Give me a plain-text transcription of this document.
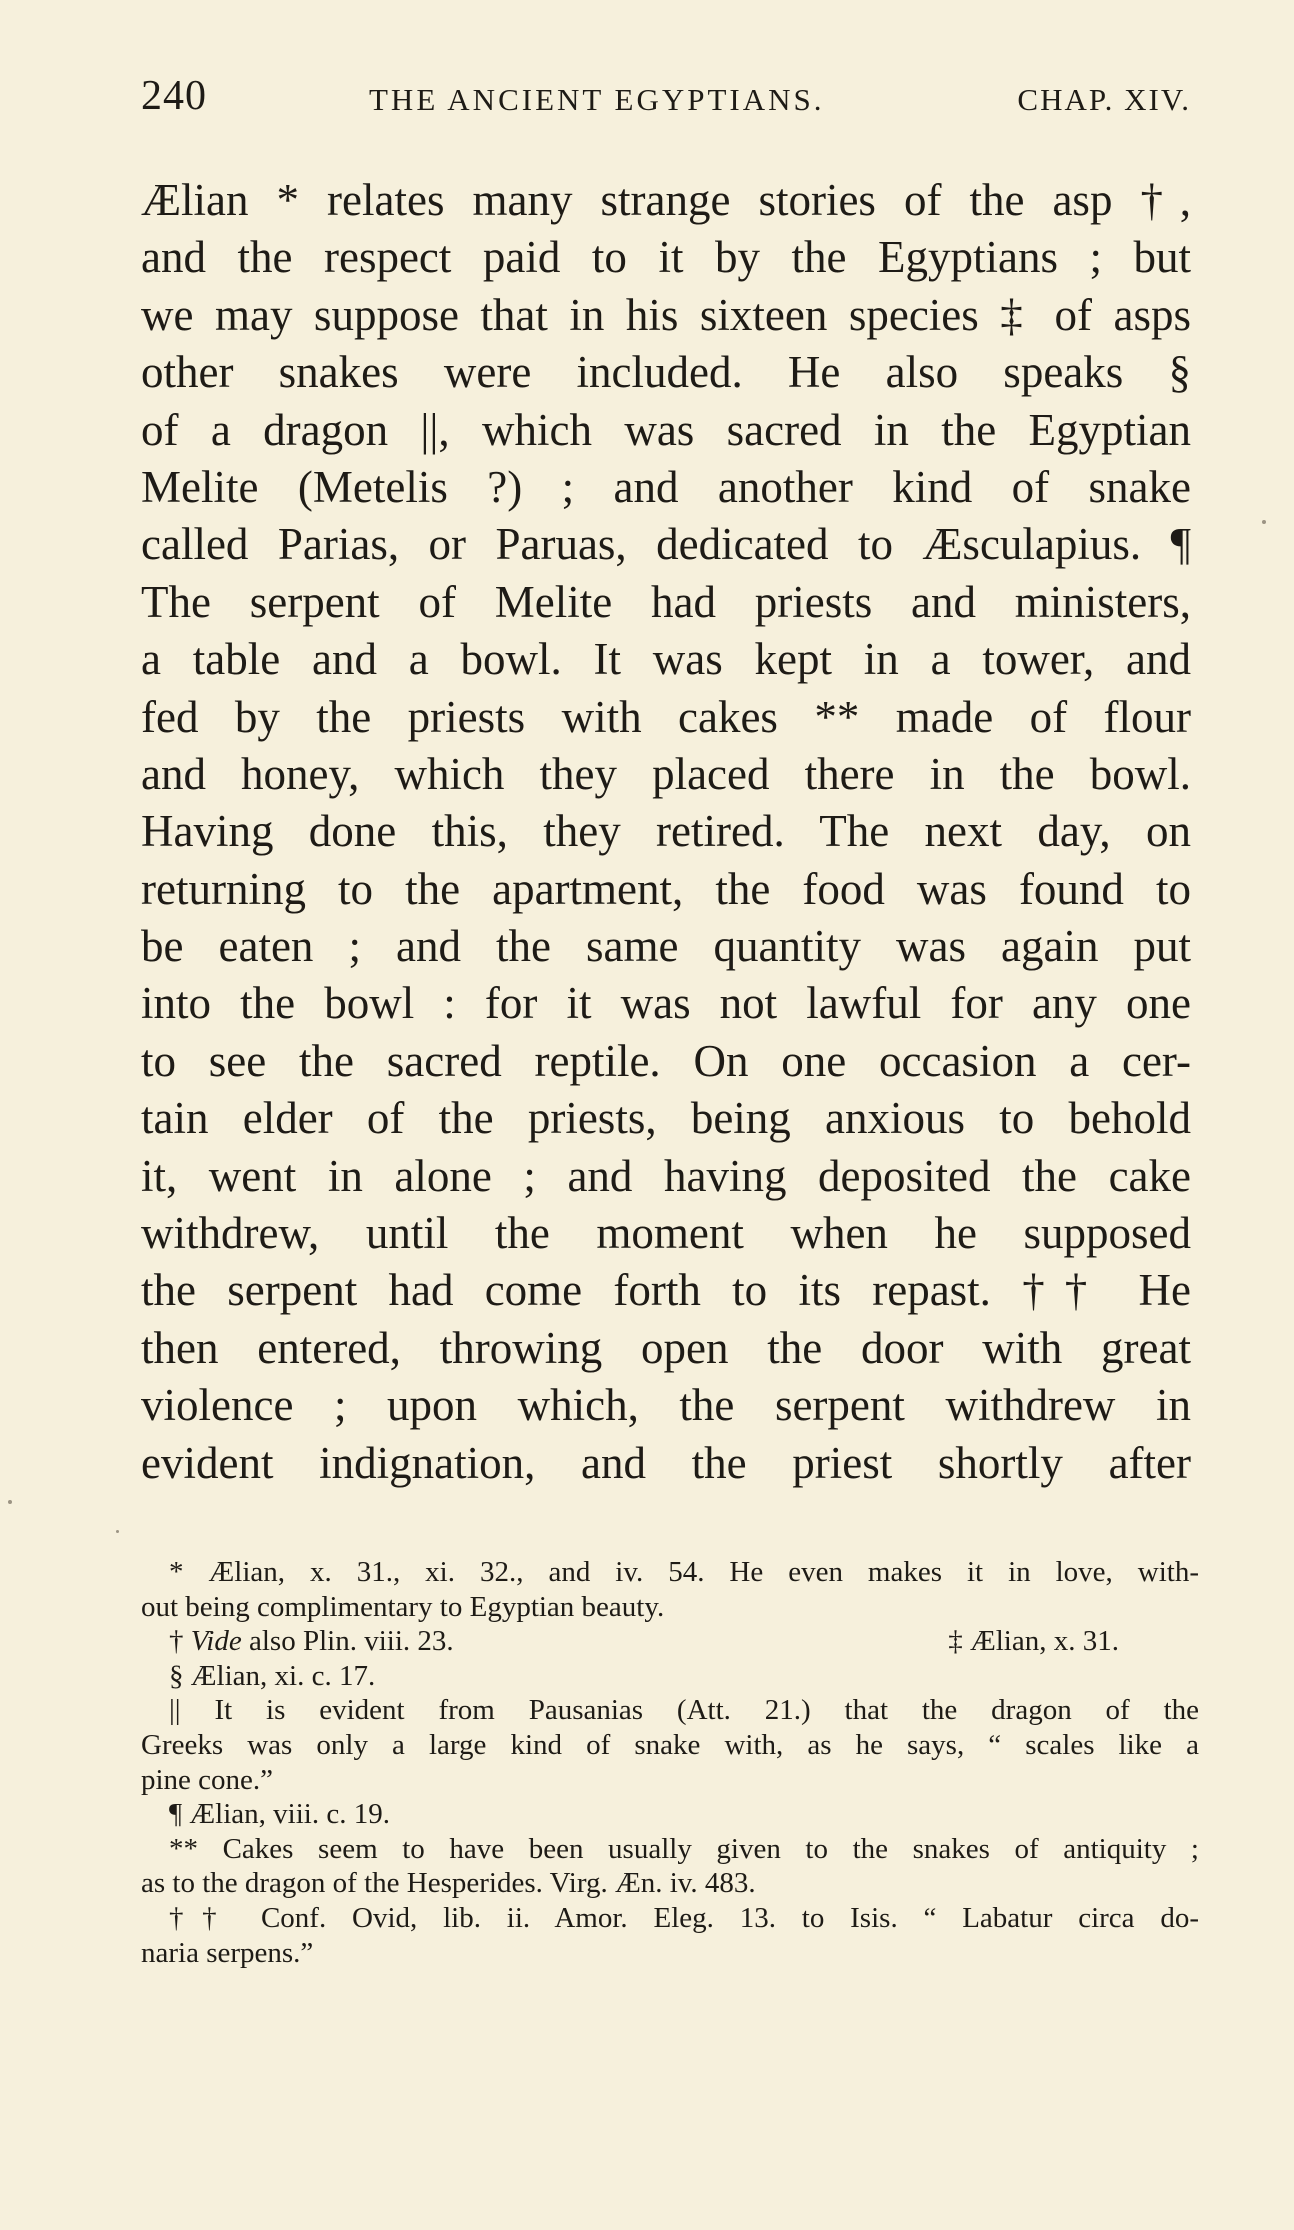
240	THE ANCIENT EGYPTIANS.	CHAP. XIV.
Ælian * relates many strange stories of the asp †,
and the respect paid to it by the Egyptians ; but
we may suppose that in his sixteen species ‡ of asps
other snakes were included. He also speaks §
of a dragon ||, which was sacred in the Egyptian
Melite (Metelis ?) ; and another kind of snake
called Parias, or Paruas, dedicated to Æsculapius. ¶
The serpent of Melite had priests and ministers,
a table and a bowl. It was kept in a tower, and
fed by the priests with cakes ** made of flour
and honey, which they placed there in the bowl.
Having done this, they retired. The next day, on
returning to the apartment, the food was found to
be eaten ; and the same quantity was again put
into the bowl : for it was not lawful for any one
to see the sacred reptile. On one occasion a cer-
tain elder of the priests, being anxious to behold
it, went in alone ; and having deposited the cake
withdrew, until the moment when he supposed
the serpent had come forth to its repast. †† He
then entered, throwing open the door with great
violence ; upon which, the serpent withdrew in
evident indignation, and the priest shortly after
* Ælian, x. 31., xi. 32., and iv. 54. He even makes it in love, with-
out being complimentary to Egyptian beauty.
† Vide also Plin. viii. 23.	‡ Ælian, x. 31.
§ Ælian, xi. c. 17.
|| It is evident from Pausanias (Att. 21.) that the dragon of the
Greeks was only a large kind of snake with, as he says, “ scales like a
pine cone.”
¶ Ælian, viii. c. 19.
** Cakes seem to have been usually given to the snakes of antiquity ;
as to the dragon of the Hesperides. Virg. Æn. iv. 483.
†† Conf. Ovid, lib. ii. Amor. Eleg. 13. to Isis. “ Labatur circa do-
naria serpens.”
